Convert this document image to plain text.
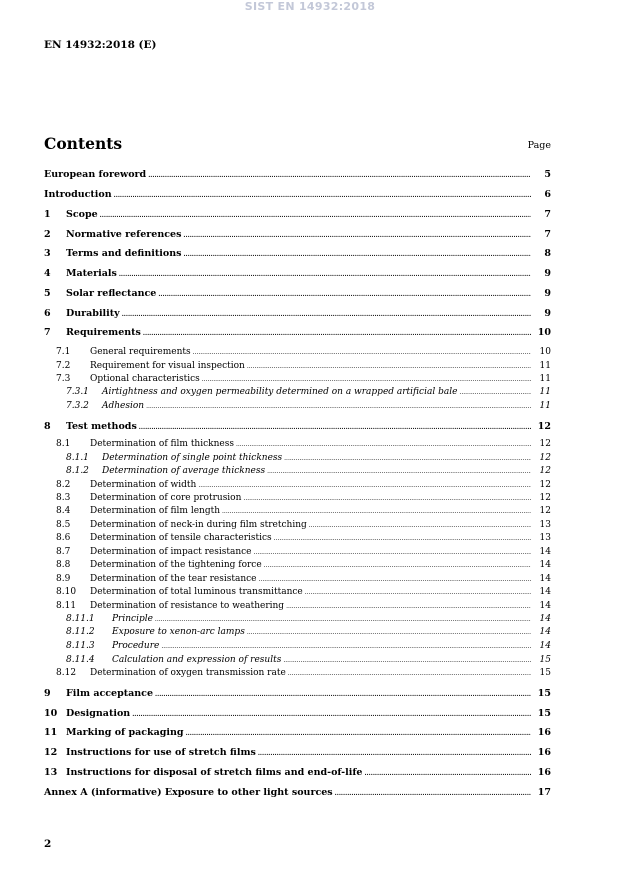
SIST EN 14932:2018
EN 14932:2018 (E)
Contents	Page
European foreword .....	5
Introduction .....	6
1	Scope .....	7
2	Normative references .....	7
3	Terms and definitions .....	8
4	Materials .....	9
5	Solar reflectance .....	9
6	Durability .....	9
7	Requirements .....	10
7.1	General requirements .....	10
7.2	Requirement for visual inspection .....	11
7.3	Optional characteristics .....	11
7.3.1	Airtightness and oxygen permeability determined on a wrapped artificial bale .....	11
7.3.2	Adhesion .....	11
8	Test methods .....	12
8.1	Determination of film thickness .....	12
8.1.1	Determination of single point thickness .....	12
8.1.2	Determination of average thickness .....	12
8.2	Determination of width .....	12
8.3	Determination of core protrusion .....	12
8.4	Determination of film length .....	12
8.5	Determination of neck-in during film stretching .....	13
8.6	Determination of tensile characteristics .....	13
8.7	Determination of impact resistance .....	14
8.8	Determination of the tightening force .....	14
8.9	Determination of the tear resistance .....	14
8.10	Determination of total luminous transmittance .....	14
8.11	Determination of resistance to weathering .....	14
8.11.1	Principle .....	14
8.11.2	Exposure to xenon-arc lamps .....	14
8.11.3	Procedure .....	14
8.11.4	Calculation and expression of results .....	15
8.12	Determination of oxygen transmission rate .....	15
9	Film acceptance .....	15
10 Designation .....	15
11 Marking of packaging .....	16
12 Instructions for use of stretch films .....	16
13 Instructions for disposal of stretch films and end-of-life .....	16
Annex A (informative) Exposure to other light sources .....	17
2
